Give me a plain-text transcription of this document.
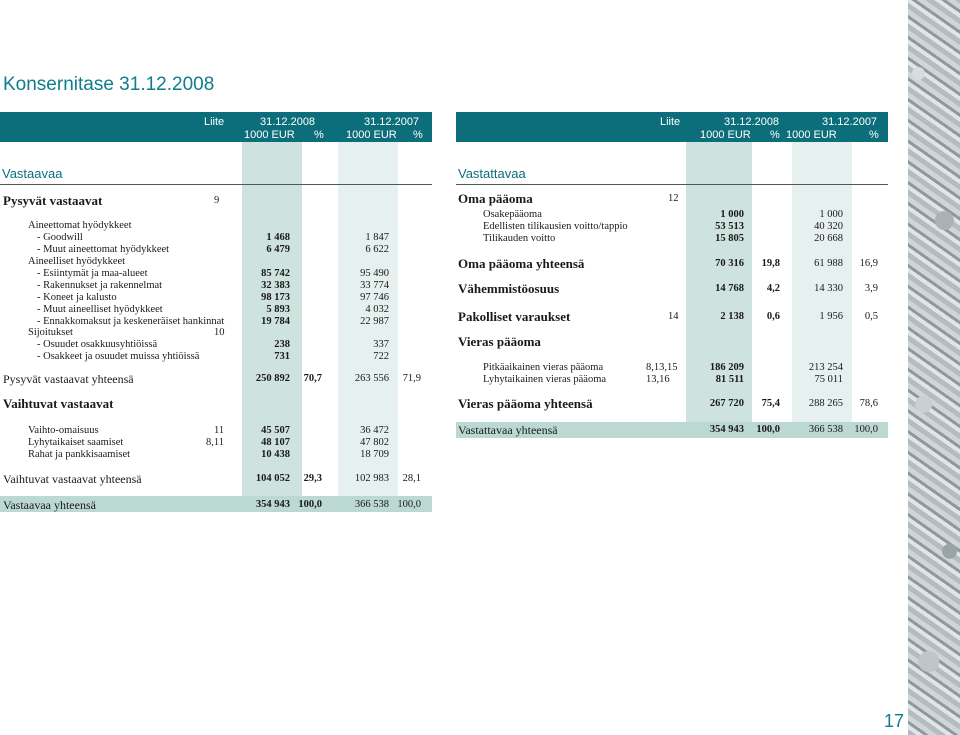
Konsernitase 31.12.2008
Liite	31.12.2008	31.12.2007
1000 EUR % 1000 EUR %
Liite	31.12.2008	31.12.2007
1000 EUR % 1000 EUR	%
Vastaavaa	Vastattavaa
Pysyvät vastaavat	9
Aineettomat hyödykkeet
- Goodwill	1 468	1 847
- Muut aineettomat hyödykkeet	6 479	6 622
Aineelliset hyödykkeet
- Esiintymät ja maa-alueet	85 742	95 490
- Rakennukset ja rakennelmat	32 383	33 774
- Koneet ja kalusto	98 173	97 746
- Muut aineelliset hyödykkeet	5 893	4 032
- Ennakkomaksut ja keskeneräiset hankinnat	19 784	22 987
Sijoitukset	10
- Osuudet osakkuusyhtiöissä	238	337
- Osakkeet ja osuudet muissa yhtiöissä	731	722
Pysyvät vastaavat yhteensä	250 892 70,7	263 556 71,9
Vaihtuvat vastaavat
Vaihto-omaisuus	11	45 507	36 472
Lyhytaikaiset saamiset	8,11	48 107	47 802
Rahat ja pankkisaamiset	10 438	18 709
Vaihtuvat vastaavat yhteensä	104 052 29,3	102 983 28,1
Vastaavaa yhteensä	354 943 100,0	366 538 100,0
Oma pääoma	12
Osakepääoma	1 000	1 000
Edellisten tilikausien voitto/tappio	53 513	40 320
Tilikauden voitto	15 805	20 668
Oma pääoma yhteensä	70 316 19,8	61 988 16,9
Vähemmistöosuus	14 768 4,2	14 330 3,9
Pakolliset varaukset	14	2 138 0,6	1 956 0,5
Vieras pääoma
Pitkäaikainen vieras pääoma	8,13,15	186 209	213 254
Lyhytaikainen vieras pääoma	13,16	81 511	75 011
Vieras pääoma yhteensä	267 720 75,4	288 265 78,6
Vastattavaa yhteensä	354 943 100,0	366 538 100,0
17
